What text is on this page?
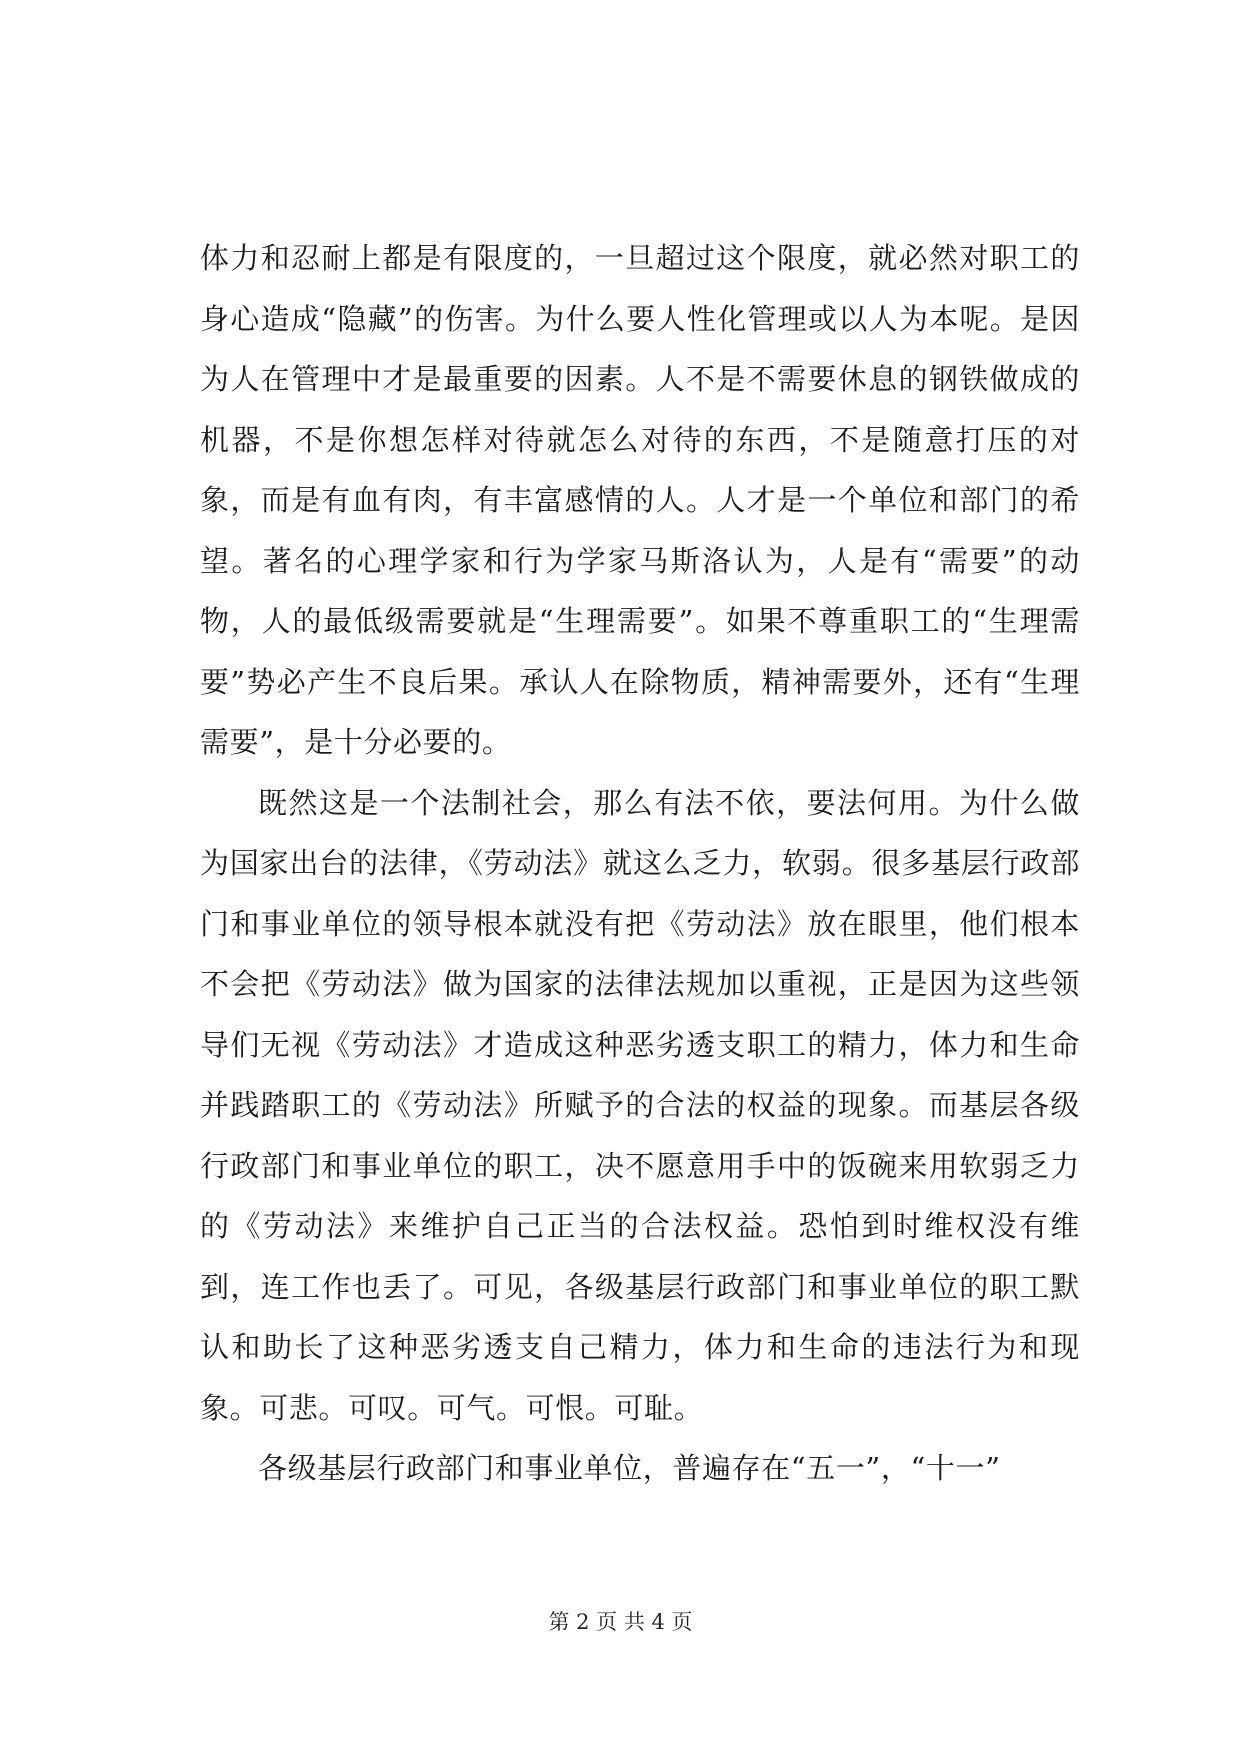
体力和忍耐上都是有限度的，一旦超过这个限度，就必然对职工的身心造成“隐藏”的伤害。为什么要人性化管理或以人为本呢。是因为人在管理中才是最重要的因素。人不是不需要休息的钢铁做成的机器，不是你想怎样对待就怎么对待的东西，不是随意打压的对象，而是有血有肉，有丰富感情的人。人才是一个单位和部门的希望。著名的心理学家和行为学家马斯洛认为，人是有“需要”的动物，人的最低级需要就是“生理需要”。如果不尊重职工的“生理需要”势必产生不良后果。承认人在除物质，精神需要外，还有“生理需要”，是十分必要的。

既然这是一个法制社会，那么有法不依，要法何用。为什么做为国家出台的法律，《劳动法》就这么乏力，软弱。很多基层行政部门和事业单位的领导根本就没有把《劳动法》放在眼里，他们根本不会把《劳动法》做为国家的法律法规加以重视，正是因为这些领导们无视《劳动法》才造成这种恶劣透支职工的精力，体力和生命并践踏职工的《劳动法》所赋予的合法的权益的现象。而基层各级行政部门和事业单位的职工，决不愿意用手中的饭碗来用软弱乏力的《劳动法》来维护自己正当的合法权益。恐怕到时维权没有维到，连工作也丢了。可见，各级基层行政部门和事业单位的职工默认和助长了这种恶劣透支自己精力，体力和生命的违法行为和现象。可悲。可叹。可气。可恨。可耻。

各级基层行政部门和事业单位，普遍存在“五一”，“十一”

第 2 页 共 4 页
